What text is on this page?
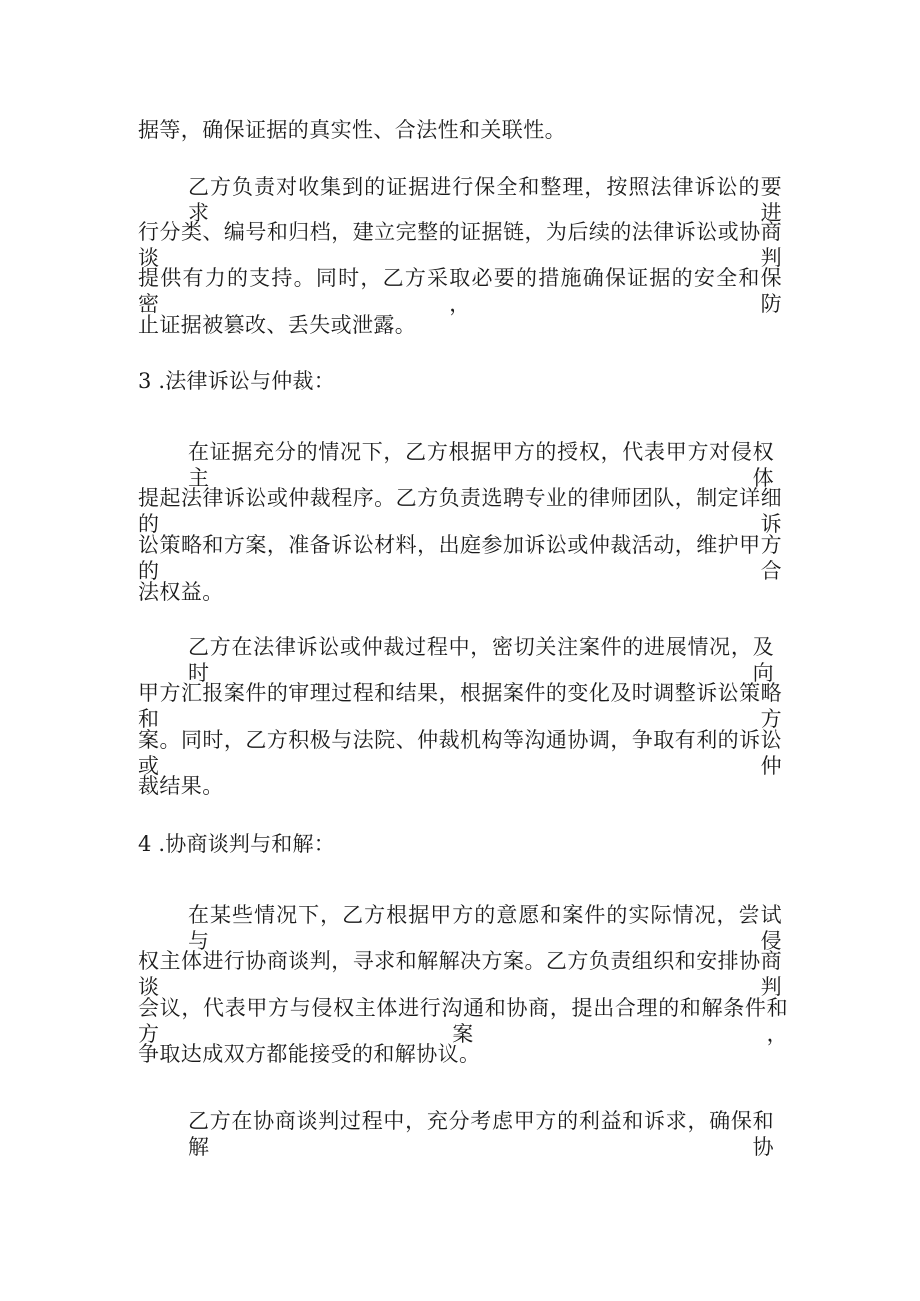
据等，确保证据的真实性、合法性和关联性。
乙方负责对收集到的证据进行保全和整理，按照法律诉讼的要求进
行分类、编号和归档，建立完整的证据链，为后续的法律诉讼或协商谈判
提供有力的支持。同时，乙方采取必要的措施确保证据的安全和保密，防
止证据被篡改、丢失或泄露。
3 .法律诉讼与仲裁：
在证据充分的情况下，乙方根据甲方的授权，代表甲方对侵权主体
提起法律诉讼或仲裁程序。乙方负责选聘专业的律师团队，制定详细的诉
讼策略和方案，准备诉讼材料，出庭参加诉讼或仲裁活动，维护甲方的合
法权益。
乙方在法律诉讼或仲裁过程中，密切关注案件的进展情况，及时向
甲方汇报案件的审理过程和结果，根据案件的变化及时调整诉讼策略和方
案。同时，乙方积极与法院、仲裁机构等沟通协调，争取有利的诉讼或仲
裁结果。
4 .协商谈判与和解：
在某些情况下，乙方根据甲方的意愿和案件的实际情况，尝试与侵
权主体进行协商谈判，寻求和解解决方案。乙方负责组织和安排协商谈判
会议，代表甲方与侵权主体进行沟通和协商，提出合理的和解条件和方案，
争取达成双方都能接受的和解协议。
乙方在协商谈判过程中，充分考虑甲方的利益和诉求，确保和解协
